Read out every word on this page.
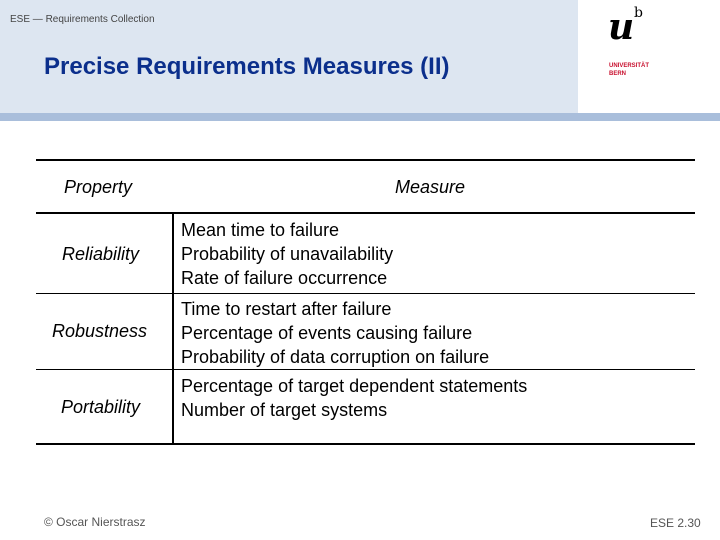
ESE — Requirements Collection
Precise Requirements Measures (II)
u b
UNIVERSITÄT
BERN
Property	Measure
Reliability
Mean time to failure
Probability of unavailability
Rate of failure occurrence
Robustness
Time to restart after failure
Percentage of events causing failure
Probability of data corruption on failure
Portability
Percentage of target dependent statements
Number of target systems
© Oscar Nierstrasz	ESE 2.30
